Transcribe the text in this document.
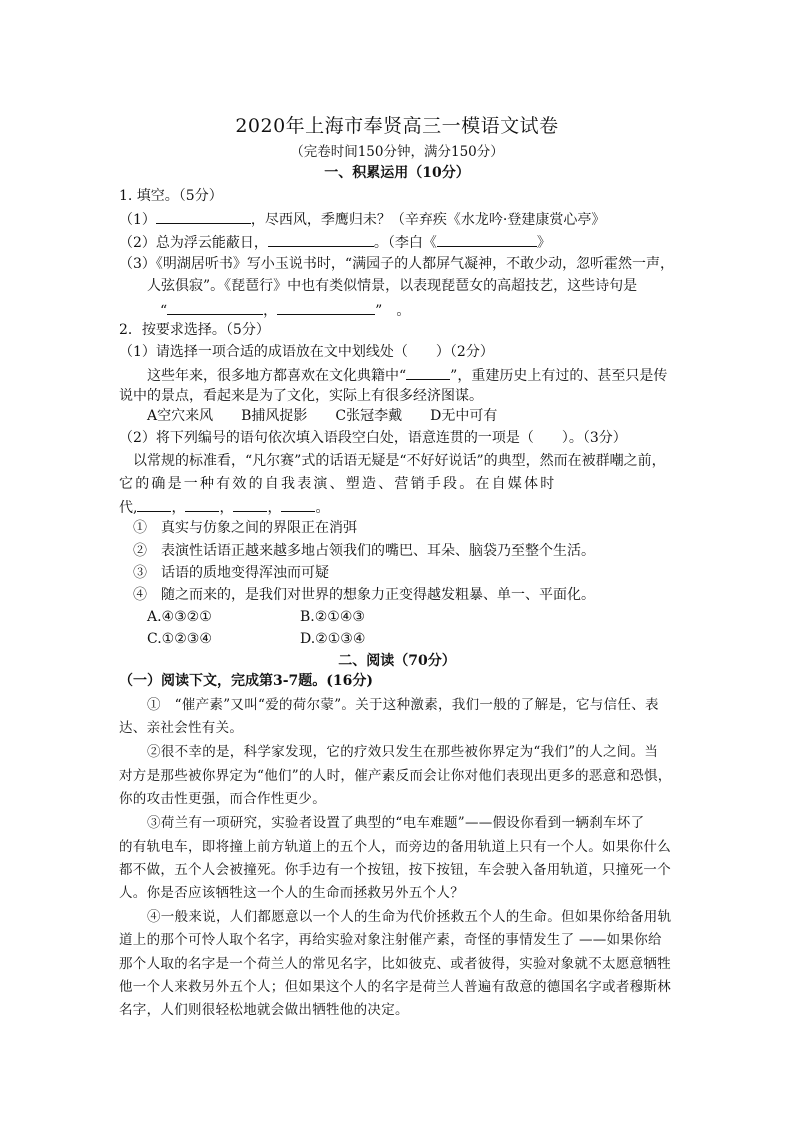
2020年上海市奉贤高三一模语文试卷
（完卷时间150分钟，满分150分）
一、积累运用（10分）
1. 填空。（5分）
（1）	，尽西风，季鹰归未？（辛弃疾《水龙吟·登建康赏心亭》
（2）总为浮云能蔽日，	。（李白《	》
（3）《明湖居听书》写小玉说书时，“满园子的人都屏气凝神，不敢少动，忽听霍然一声，
人弦俱寂”。《琵琶行》中也有类似情景，以表现琵琶女的高超技艺，这些诗句是
“	，	”　。
2．按要求选择。（5分）
（1）请选择一项合适的成语放在文中划线处（　　）（2分）
这些年来，很多地方都喜欢在文化典籍中“	”，重建历史上有过的、甚至只是传
说中的景点，看起来是为了文化，实际上有很多经济图谋。
A空穴来风　　B捕风捉影　　C张冠李戴　　D无中可有
（2）将下列编号的语句依次填入语段空白处，语意连贯的一项是（　　）。（3分）
以常规的标准看，“凡尔赛”式的话语无疑是“不好好说话”的典型，然而在被群嘲之前，
它的确是一种有效的自我表演、塑造、营销手段。在自媒体时
代, ， ， ， 。
①　真实与仿象之间的界限正在消弭
②　表演性话语正越来越多地占领我们的嘴巴、耳朵、脑袋乃至整个生活。
③　话语的质地变得浑浊而可疑
④　随之而来的，是我们对世界的想象力正变得越发粗暴、单一、平面化。
A.④③②①	B.②①④③
C.①②③④	D.②①③④
二、阅读（70分）
（一）阅读下文，完成第3-7题。(16分)
①　“催产素”又叫“爱的荷尔蒙”。关于这种激素，我们一般的了解是，它与信任、表
达、亲社会性有关。
②很不幸的是，科学家发现，它的疗效只发生在那些被你界定为“我们”的人之间。当
对方是那些被你界定为“他们”的人时，催产素反而会让你对他们表现出更多的恶意和恐惧，
你的攻击性更强，而合作性更少。
③荷兰有一项研究，实验者设置了典型的“电车难题”——假设你看到一辆刹车坏了
的有轨电车，即将撞上前方轨道上的五个人，而旁边的备用轨道上只有一个人。如果你什么
都不做，五个人会被撞死。你手边有一个按钮，按下按钮，车会驶入备用轨道，只撞死一个
人。你是否应该牺牲这一个人的生命而拯救另外五个人？
④一般来说，人们都愿意以一个人的生命为代价拯救五个人的生命。但如果你给备用轨
道上的那个可怜人取个名字，再给实验对象注射催产素，奇怪的事情发生了 ——如果你给
那个人取的名字是一个荷兰人的常见名字，比如彼克、或者彼得，实验对象就不太愿意牺牲
他一个人来救另外五个人；但如果这个人的名字是荷兰人普遍有敌意的德国名字或者穆斯林
名字，人们则很轻松地就会做出牺牲他的决定。
